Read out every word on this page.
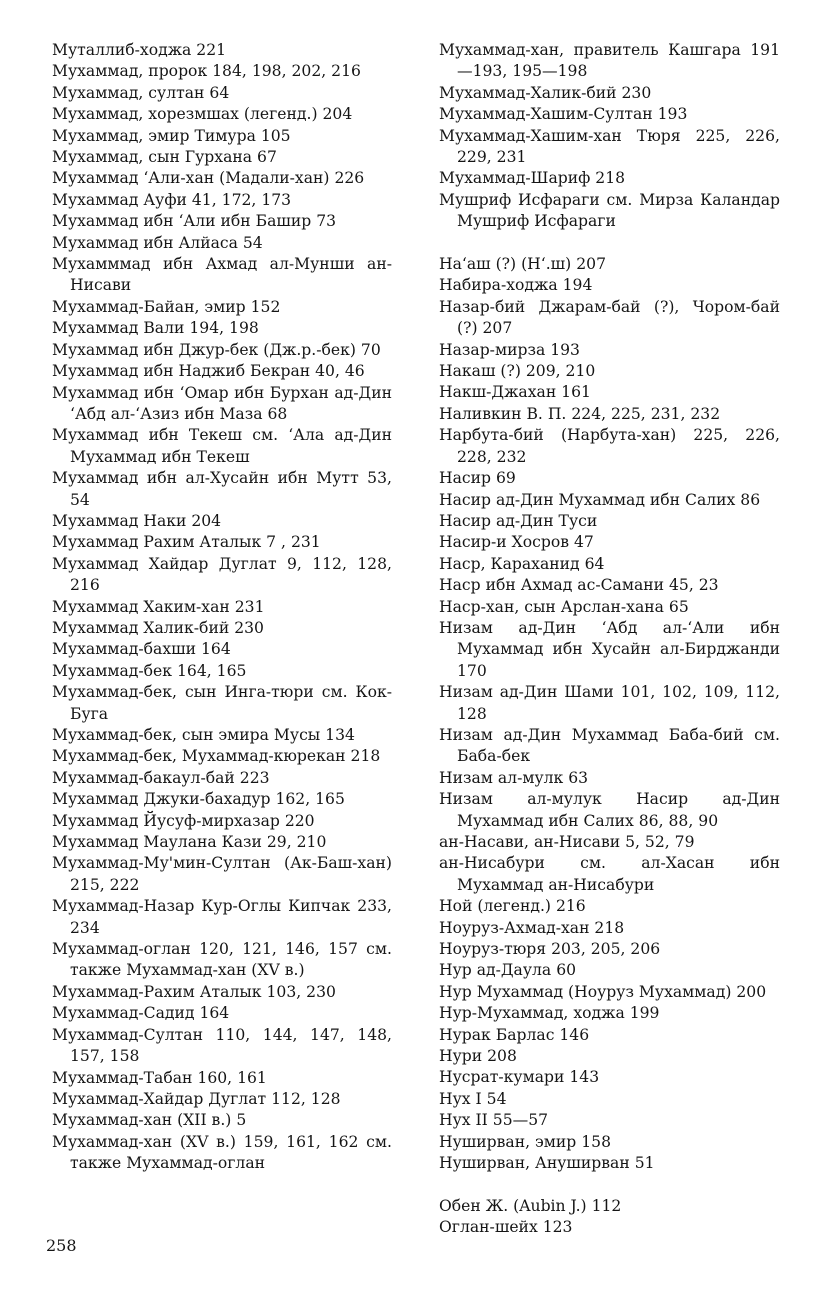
Муталлиб-ходжа 221
Мухаммад, пророк 184, 198, 202, 216
Мухаммад, султан 64
Мухаммад, хорезмшах (легенд.) 204
Мухаммад, эмир Тимура 105
Мухаммад, сын Гурхана 67
Мухаммад ʻАли-хан (Мадали-хан) 226
Мухаммад Ауфи 41, 172, 173
Мухаммад ибн ʻАли ибн Башир 73
Мухаммад ибн Алйаса 54
Мухамммад ибн Ахмад ал-Мунши ан-Нисави
Мухаммад-Байан, эмир 152
Мухаммад Вали 194, 198
Мухаммад ибн Джур-бек (Дж.р.-бек) 70
Мухаммад ибн Наджиб Бекран 40, 46
Мухаммад ибн ʻОмар ибн Бурхан ад-Дин ʻАбд ал-ʻАзиз ибн Маза 68
Мухаммад ибн Текеш см. ʻАла ад-Дин Мухаммад ибн Текеш
Мухаммад ибн ал-Хусайн ибн Мутт 53, 54
Мухаммад Наки 204
Мухаммад Рахим Аталык 7 , 231
Мухаммад Хайдар Дуглат 9, 112, 128, 216
Мухаммад Хаким-хан 231
Мухаммад Халик-бий 230
Мухаммад-бахши 164
Мухаммад-бек 164, 165
Мухаммад-бек, сын Инга-тюри см. Кок-Буга
Мухаммад-бек, сын эмира Мусы 134
Мухаммад-бек, Мухаммад-кюрекан 218
Мухаммад-бакаул-бай 223
Мухаммад Джуки-бахадур 162, 165
Мухаммад Йусуф-мирхазар 220
Мухаммад Маулана Кази 29, 210
Мухаммад-Му'мин-Султан (Ак-Баш-хан) 215, 222
Мухаммад-Назар Кур-Оглы Кипчак 233, 234
Мухаммад-оглан 120, 121, 146, 157 см. также Мухаммад-хан (XV в.)
Мухаммад-Рахим Аталык 103, 230
Мухаммад-Садид 164
Мухаммад-Султан 110, 144, 147, 148, 157, 158
Мухаммад-Табан 160, 161
Мухаммад-Хайдар Дуглат 112, 128
Мухаммад-хан (XII в.) 5
Мухаммад-хан (XV в.) 159, 161, 162 см. также Мухаммад-оглан
Мухаммад-хан, правитель Кашгара 191—193, 195—198
Мухаммад-Халик-бий 230
Мухаммад-Хашим-Султан 193
Мухаммад-Хашим-хан Тюря 225, 226, 229, 231
Мухаммад-Шариф 218
Мушриф Исфараги см. Мирза Каландар Мушриф Исфараги
Наʻаш (?) (Нʻ.ш) 207
Набира-ходжа 194
Назар-бий Джарам-бай (?), Чором-бай (?) 207
Назар-мирза 193
Накаш (?) 209, 210
Накш-Джахан 161
Наливкин В. П. 224, 225, 231, 232
Нарбута-бий (Нарбута-хан) 225, 226, 228, 232
Насир 69
Насир ад-Дин Мухаммад ибн Салих 86
Насир ад-Дин Туси
Насир-и Хосров 47
Наср, Караханид 64
Наср ибн Ахмад ас-Самани 45, 23
Наср-хан, сын Арслан-хана 65
Низам ад-Дин ʻАбд ал-ʻАли ибн Мухаммад ибн Хусайн ал-Бирджанди 170
Низам ад-Дин Шами 101, 102, 109, 112, 128
Низам ад-Дин Мухаммад Баба-бий см. Баба-бек
Низам ал-мулк 63
Низам ал-мулук Насир ад-Дин Мухаммад ибн Салих 86, 88, 90
ан-Насави, ан-Нисави 5, 52, 79
ан-Нисабури см. ал-Хасан ибн Мухаммад ан-Нисабури
Ной (легенд.) 216
Ноуруз-Ахмад-хан 218
Ноуруз-тюря 203, 205, 206
Нур ад-Даула 60
Нур Мухаммад (Ноуруз Мухаммад) 200
Нур-Мухаммад, ходжа 199
Нурак Барлас 146
Нури 208
Нусрат-кумари 143
Нух I 54
Нух II 55—57
Нуширван, эмир 158
Нуширван, Ануширван 51
Обен Ж. (Aubin J.) 112
Оглан-шейх 123
258
